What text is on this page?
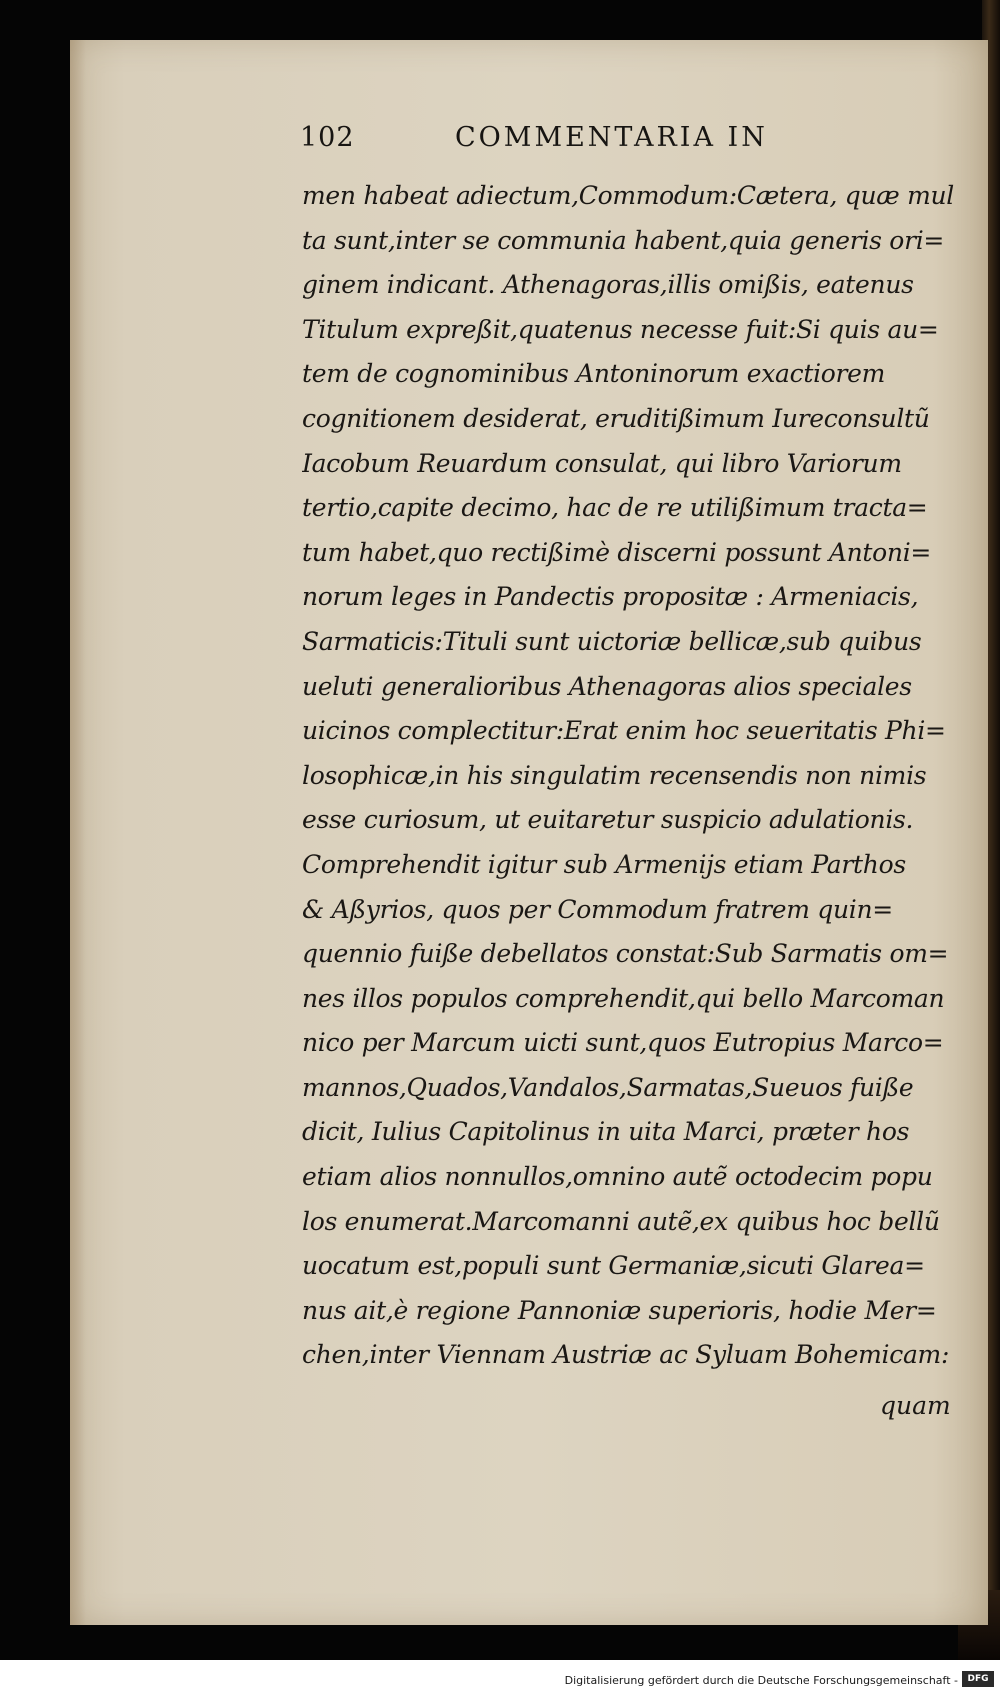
102	COMMENTARIA IN
men habeat adiectum,Commodum:Cætera, quæ mul
ta sunt,inter se communia habent,quia generis ori=
ginem indicant. Athenagoras,illis omißis, eatenus
Titulum expreßit,quatenus necesse fuit:Si quis au=
tem de cognominibus Antoninorum exactiorem
cognitionem desiderat, eruditißimum Iureconsultũ
Iacobum Reuardum consulat, qui libro Variorum
tertio,capite decimo, hac de re utilißimum tracta=
tum habet,quo rectißimè discerni possunt Antoni=
norum leges in Pandectis propositæ : Armeniacis,
Sarmaticis:Tituli sunt uictoriæ bellicæ,sub quibus
ueluti generalioribus Athenagoras alios speciales
uicinos complectitur:Erat enim hoc seueritatis Phi=
losophicæ,in his singulatim recensendis non nimis
esse curiosum, ut euitaretur suspicio adulationis.
Comprehendit igitur sub Armenijs etiam Parthos
& Aßyrios, quos per Commodum fratrem quin=
quennio fuiße debellatos constat:Sub Sarmatis om=
nes illos populos comprehendit,qui bello Marcoman
nico per Marcum uicti sunt,quos Eutropius Marco=
mannos,Quados,Vandalos,Sarmatas,Sueuos fuiße
dicit, Iulius Capitolinus in uita Marci, præter hos
etiam alios nonnullos,omnino autẽ octodecim popu
los enumerat.Marcomanni autẽ,ex quibus hoc bellũ
uocatum est,populi sunt Germaniæ,sicuti Glarea=
nus ait,è regione Pannoniæ superioris, hodie Mer=
chen,inter Viennam Austriæ ac Syluam Bohemicam:
quam
Digitalisierung gefördert durch die Deutsche Forschungsgemeinschaft -	DFG
